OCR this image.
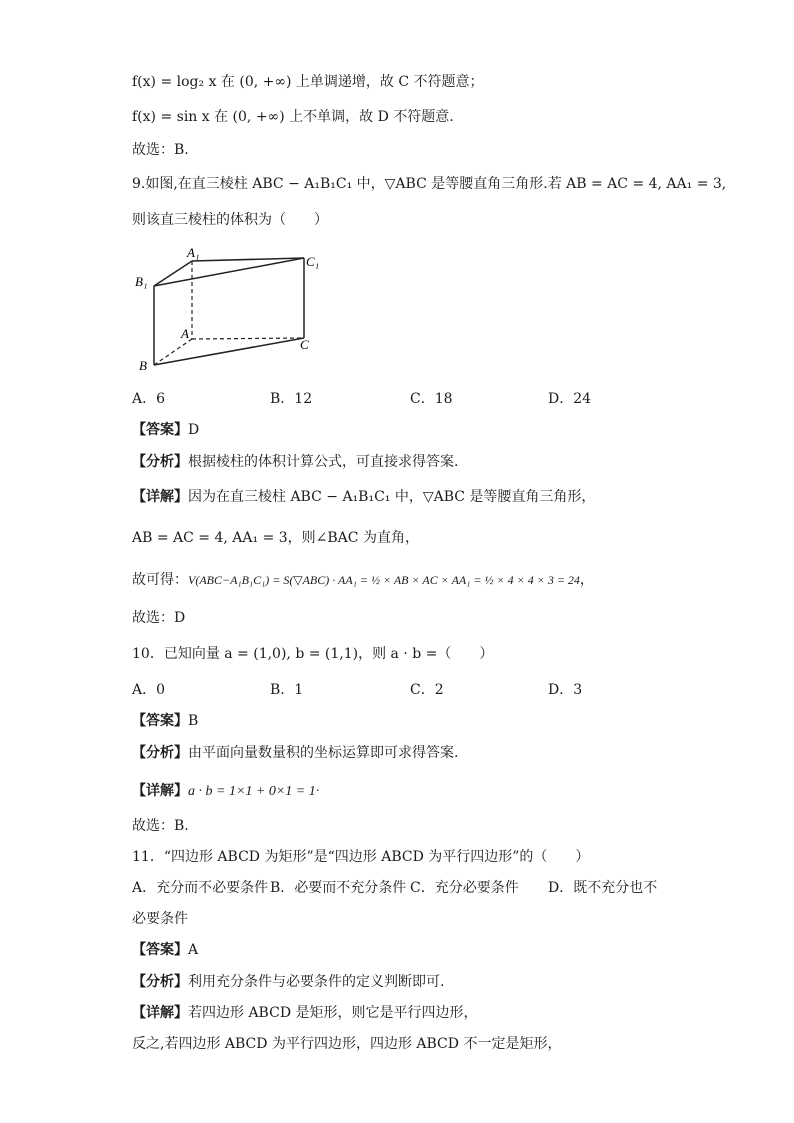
f(x) = log₂ x 在 (0, +∞) 上单调递增，故 C 不符题意；
f(x) = sin x 在 (0, +∞) 上不单调，故 D 不符题意.
故选：B.
9.如图,在直三棱柱 ABC − A₁B₁C₁ 中，▽ABC 是等腰直角三角形.若 AB = AC = 4, AA₁ = 3,
则该直三棱柱的体积为（　　）
A₁
B₁
C₁
A
B
C
A．6	B．12	C．18	D．24
【答案】D
【分析】根据棱柱的体积计算公式，可直接求得答案.
【详解】因为在直三棱柱 ABC − A₁B₁C₁ 中，▽ABC 是等腰直角三角形，
AB = AC = 4, AA₁ = 3，则∠BAC 为直角，
故可得：V(ABC−A₁B₁C₁) = S(▽ABC) · AA₁ = ½ × AB × AC × AA₁ = ½ × 4 × 4 × 3 = 24，
故选：D
10．已知向量 a = (1,0), b = (1,1)，则 a · b =（　　）
A．0	B．1	C．2	D．3
【答案】B
【分析】由平面向量数量积的坐标运算即可求得答案.
【详解】a · b = 1×1 + 0×1 = 1·
故选：B.
11．“四边形 ABCD 为矩形”是“四边形 ABCD 为平行四边形”的（　　）
A．充分而不必要条件 B．必要而不充分条件 C．充分必要条件 D．既不充分也不
必要条件
【答案】A
【分析】利用充分条件与必要条件的定义判断即可.
【详解】若四边形 ABCD 是矩形，则它是平行四边形，
反之,若四边形 ABCD 为平行四边形，四边形 ABCD 不一定是矩形，
